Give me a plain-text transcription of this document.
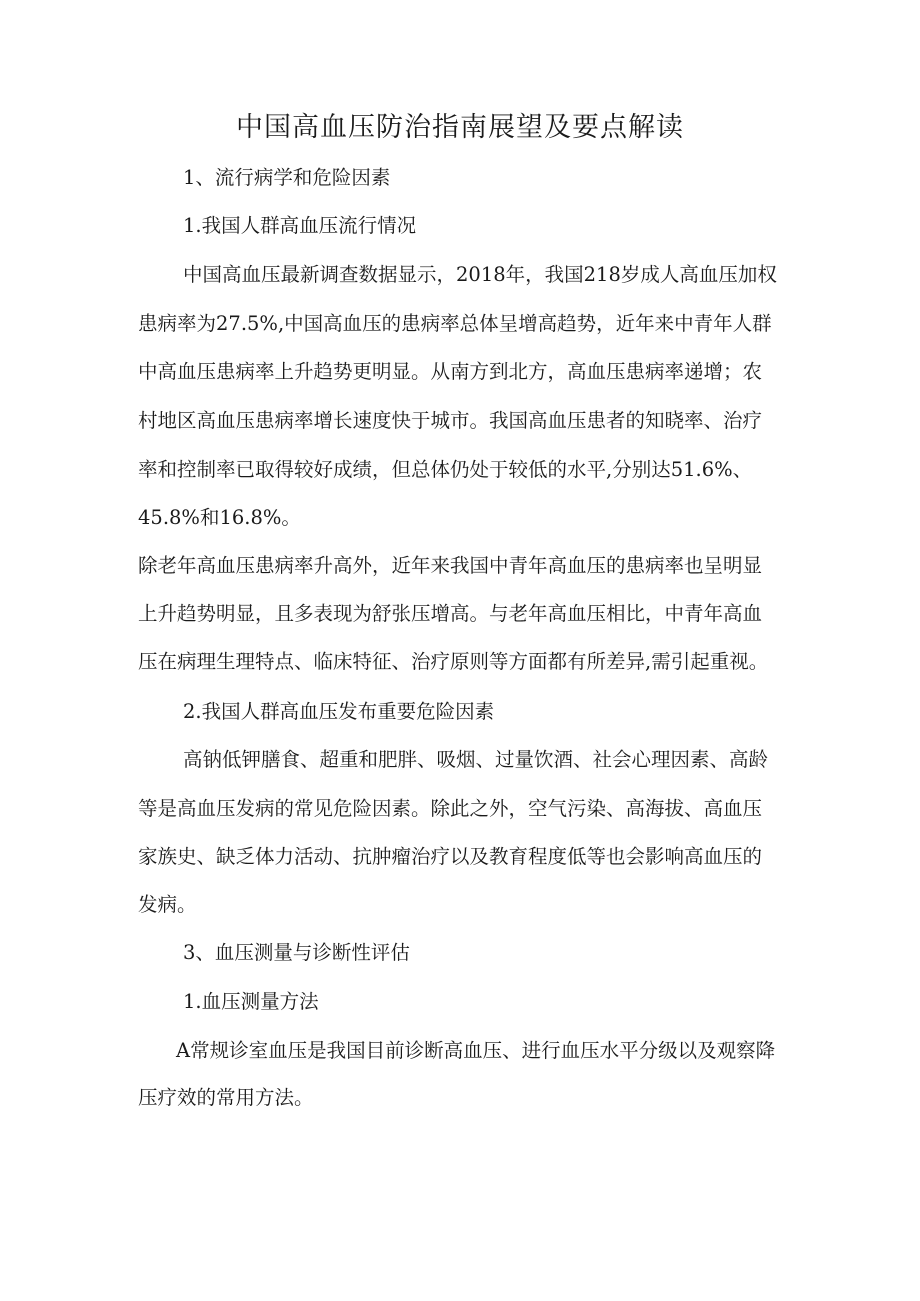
中国高血压防治指南展望及要点解读
1、流行病学和危险因素
1.我国人群高血压流行情况
中国高血压最新调查数据显示，2018年，我国218岁成人高血压加权
患病率为27.5%,中国高血压的患病率总体呈增高趋势，近年来中青年人群
中高血压患病率上升趋势更明显。从南方到北方，高血压患病率递增；农
村地区高血压患病率增长速度快于城市。我国高血压患者的知晓率、治疗
率和控制率已取得较好成绩，但总体仍处于较低的水平,分别达51.6%、
45.8%和16.8%。
除老年高血压患病率升高外，近年来我国中青年高血压的患病率也呈明显
上升趋势明显，且多表现为舒张压增高。与老年高血压相比，中青年高血
压在病理生理特点、临床特征、治疗原则等方面都有所差异,需引起重视。
2.我国人群高血压发布重要危险因素
高钠低钾膳食、超重和肥胖、吸烟、过量饮酒、社会心理因素、高龄
等是高血压发病的常见危险因素。除此之外，空气污染、高海拔、高血压
家族史、缺乏体力活动、抗肿瘤治疗以及教育程度低等也会影响高血压的
发病。
3、血压测量与诊断性评估
1.血压测量方法
A常规诊室血压是我国目前诊断高血压、进行血压水平分级以及观察降
压疗效的常用方法。
